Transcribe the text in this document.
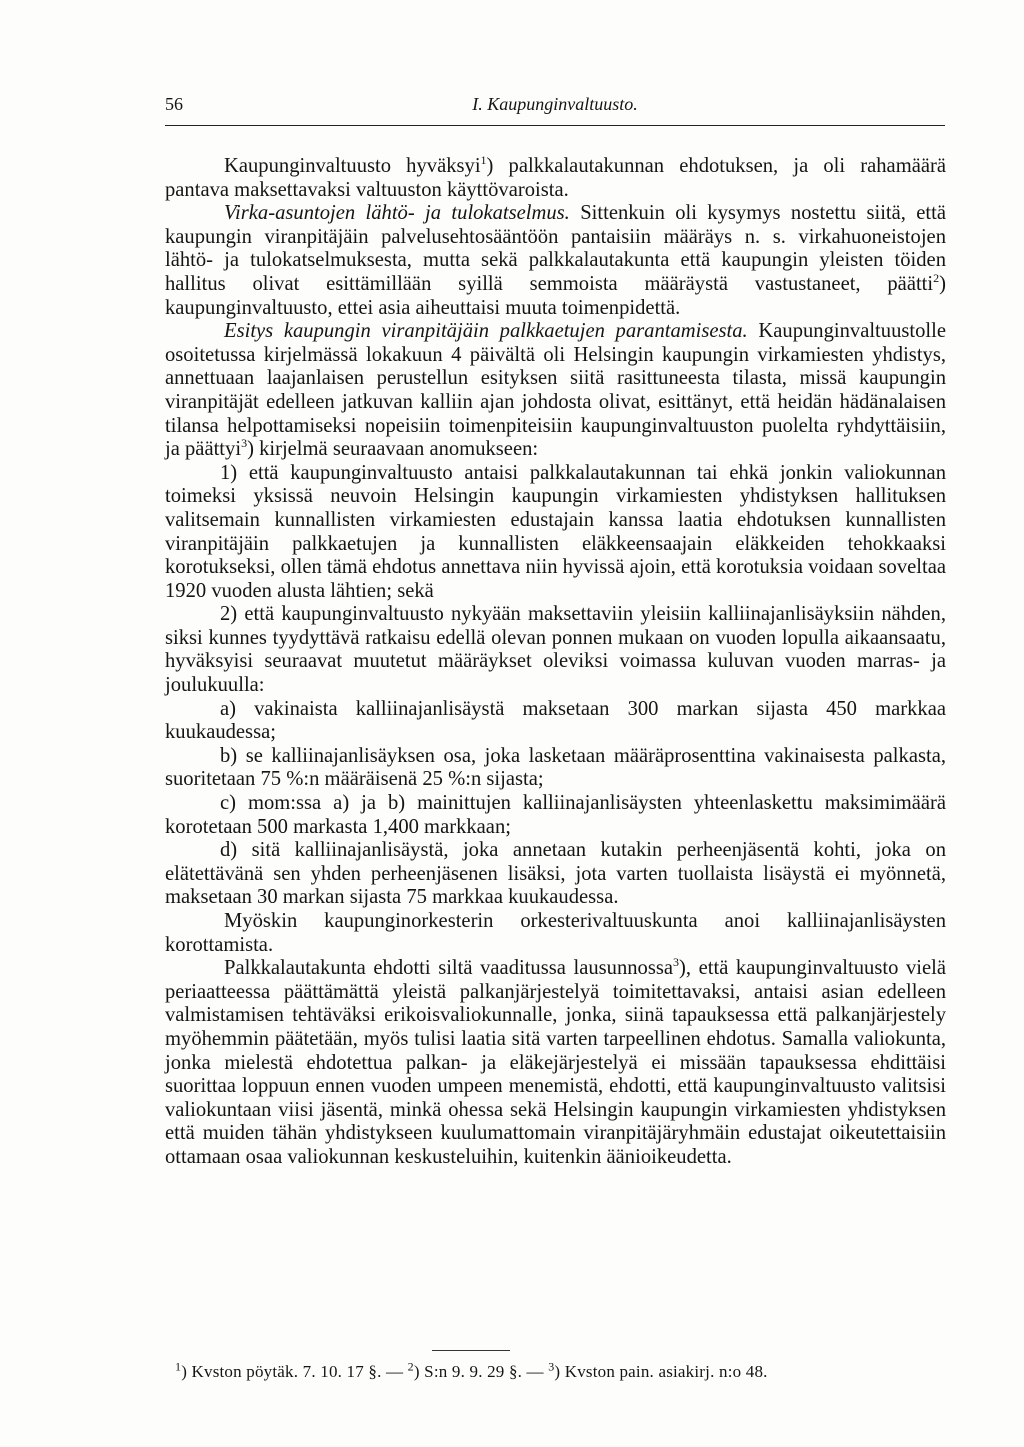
56	I. Kaupunginvaltuusto.

Kaupunginvaltuusto hyväksyi$^1$) palkkalautakunnan ehdotuksen, ja oli rahamäärä pantava maksettavaksi valtuuston käyttövaroista.

Virka-asuntojen lähtö- ja tulokatselmus. Sittenkuin oli kysymys nostettu siitä, että kaupungin viranpitäjäin palvelusehtosääntöön pantaisiin määräys n. s. virkahuoneistojen lähtö- ja tulokatselmuksesta, mutta sekä palkkalautakunta että kaupungin yleisten töiden hallitus olivat esittämillään syillä semmoista määräystä vastustaneet, päätti$^2$) kaupunginvaltuusto, ettei asia aiheuttaisi muuta toimenpidettä.

Esitys kaupungin viranpitäjäin palkkaetujen parantamisesta. Kaupunginvaltuustolle osoitetussa kirjelmässä lokakuun 4 päivältä oli Helsingin kaupungin virkamiesten yhdistys, annettuaan laajanlaisen perustellun esityksen siitä rasittuneesta tilasta, missä kaupungin viranpitäjät edelleen jatkuvan kalliin ajan johdosta olivat, esittänyt, että heidän hädänalaisen tilansa helpottamiseksi nopeisiin toimenpiteisiin kaupunginvaltuuston puolelta ryhdyttäisiin, ja päättyi$^3$) kirjelmä seuraavaan anomukseen:

1) että kaupunginvaltuusto antaisi palkkalautakunnan tai ehkä jonkin valiokunnan toimeksi yksissä neuvoin Helsingin kaupungin virkamiesten yhdistyksen hallituksen valitsemain kunnallisten virkamiesten edustajain kanssa laatia ehdotuksen kunnallisten viranpitäjäin palkkaetujen ja kunnallisten eläkkeensaajain eläkkeiden tehokkaaksi korotukseksi, ollen tämä ehdotus annettava niin hyvissä ajoin, että korotuksia voidaan soveltaa 1920 vuoden alusta lähtien; sekä

2) että kaupunginvaltuusto nykyään maksettaviin yleisiin kalliinajanlisäyksiin nähden, siksi kunnes tyydyttävä ratkaisu edellä olevan ponnen mukaan on vuoden lopulla aikaansaatu, hyväksyisi seuraavat muutetut määräykset oleviksi voimassa kuluvan vuoden marras- ja joulukuulla:

a) vakinaista kalliinajanlisäystä maksetaan 300 markan sijasta 450 markkaa kuukaudessa;

b) se kalliinajanlisäyksen osa, joka lasketaan määräprosenttina vakinaisesta palkasta, suoritetaan 75 %:n määräisenä 25 %:n sijasta;

c) mom:ssa a) ja b) mainittujen kalliinajanlisäysten yhteenlaskettu maksimimäärä korotetaan 500 markasta 1,400 markkaan;

d) sitä kalliinajanlisäystä, joka annetaan kutakin perheenjäsentä kohti, joka on elätettävänä sen yhden perheenjäsenen lisäksi, jota varten tuollaista lisäystä ei myönnetä, maksetaan 30 markan sijasta 75 markkaa kuukaudessa.

Myöskin kaupunginorkesterin orkesterivaltuuskunta anoi kalliinajanlisäysten korottamista.

Palkkalautakunta ehdotti siltä vaaditussa lausunnossa$^3$), että kaupunginvaltuusto vielä periaatteessa päättämättä yleistä palkanjärjestelyä toimitettavaksi, antaisi asian edelleen valmistamisen tehtäväksi erikoisvaliokunnalle, jonka, siinä tapauksessa että palkanjärjestely myöhemmin päätetään, myös tulisi laatia sitä varten tarpeellinen ehdotus. Samalla valiokunta, jonka mielestä ehdotettua palkan- ja eläkejärjestelyä ei missään tapauksessa ehdittäisi suorittaa loppuun ennen vuoden umpeen menemistä, ehdotti, että kaupunginvaltuusto valitsisi valiokuntaan viisi jäsentä, minkä ohessa sekä Helsingin kaupungin virkamiesten yhdistyksen että muiden tähän yhdistykseen kuulumattomain viranpitäjäryhmäin edustajat oikeutettaisiin ottamaan osaa valiokunnan keskusteluihin, kuitenkin äänioikeudetta.

$^1$) Kvston pöytäk. 7. 10. 17 §. — $^2$) S:n 9. 9. 29 §. — $^3$) Kvston pain. asiakirj. n:o 48.
